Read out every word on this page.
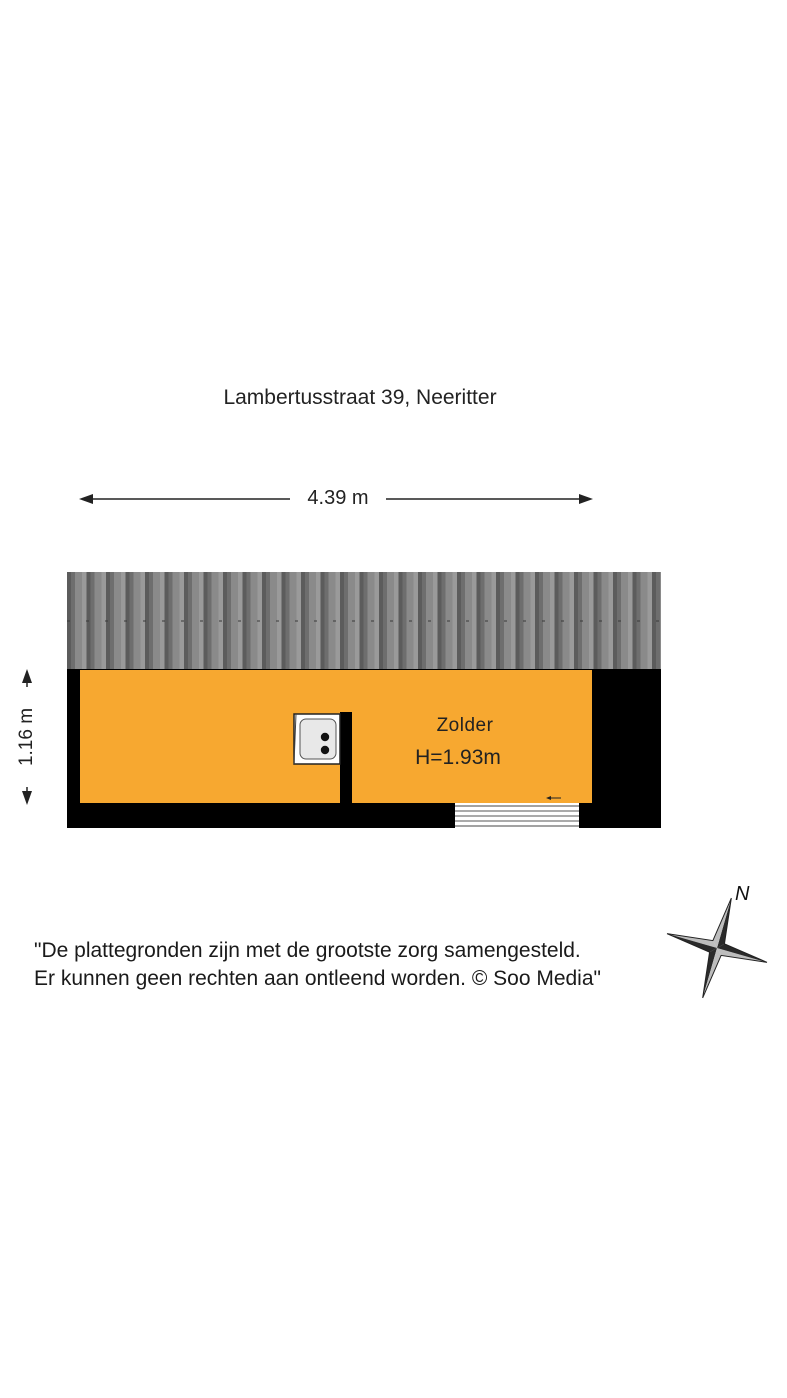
Lambertusstraat 39, Neeritter
4.39 m
1.16 m	Zolder
H=1.93m
"De plattegronden zijn met de grootste zorg samengesteld.
Er kunnen geen rechten aan ontleend worden. © Soo Media"
N
